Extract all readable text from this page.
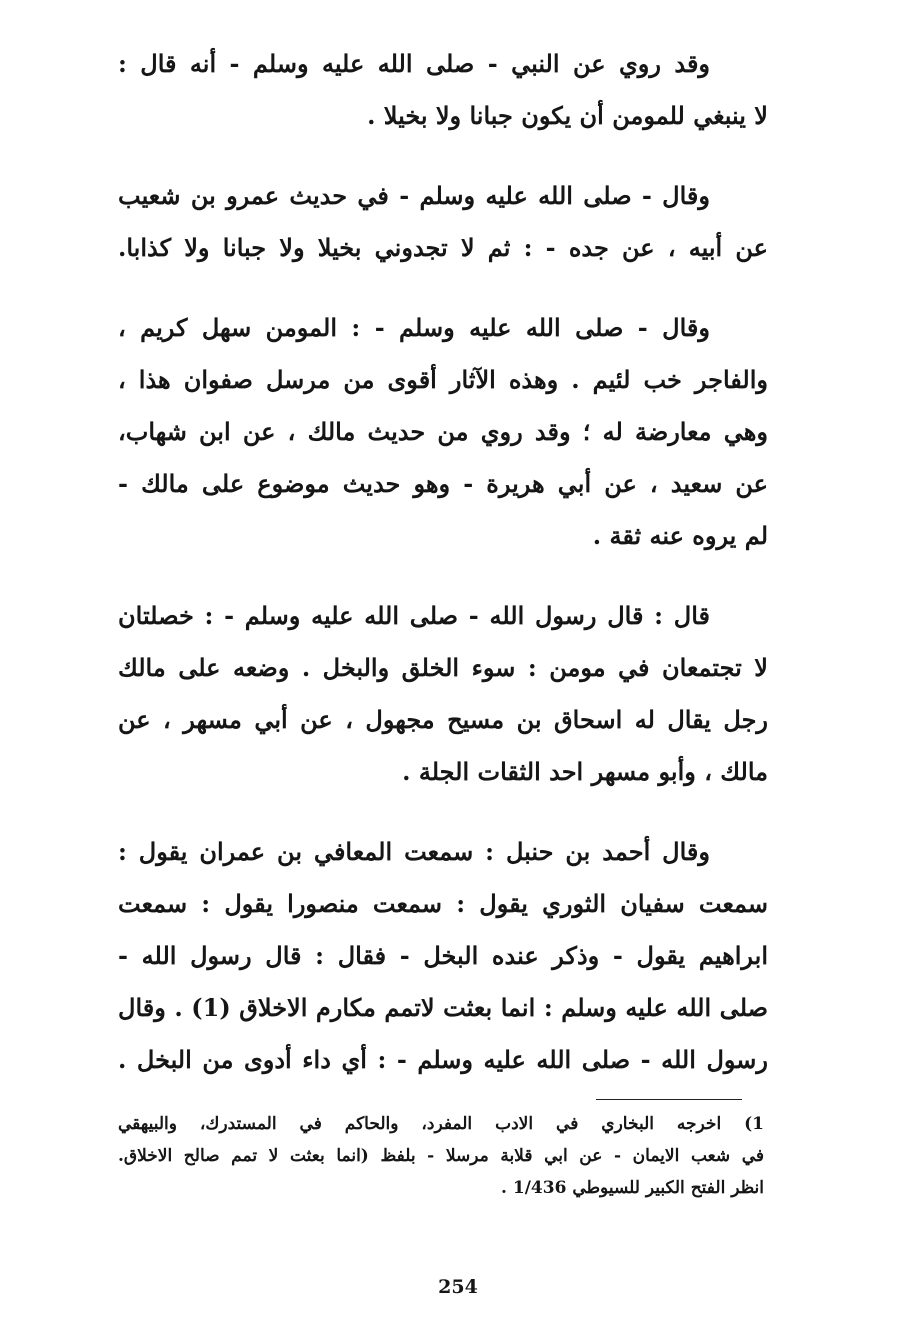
وقد روي عن النبي - صلى الله عليه وسلم - أنه قال :
لا ينبغي للمومن أن يكون جبانا ولا بخيلا .
وقال - صلى الله عليه وسلم - في حديث عمرو بن شعيب
عن أبيه ، عن جده - : ثم لا تجدوني بخيلا ولا جبانا ولا كذابا.
وقال - صلى الله عليه وسلم - : المومن سهل كريم ،
والفاجر خب لئيم . وهذه الآثار أقوى من مرسل صفوان هذا ،
وهي معارضة له ؛ وقد روي من حديث مالك ، عن ابن شهاب،
عن سعيد ، عن أبي هريرة - وهو حديث موضوع على مالك -
لم يروه عنه ثقة .
قال : قال رسول الله - صلى الله عليه وسلم - : خصلتان
لا تجتمعان في مومن : سوء الخلق والبخل . وضعه على مالك
رجل يقال له اسحاق بن مسيح مجهول ، عن أبي مسهر ، عن
مالك ، وأبو مسهر احد الثقات الجلة .
وقال أحمد بن حنبل : سمعت المعافي بن عمران يقول :
سمعت سفيان الثوري يقول : سمعت منصورا يقول : سمعت
ابراهيم يقول - وذكر عنده البخل - فقال : قال رسول الله -
صلى الله عليه وسلم : انما بعثت لاتمم مكارم الاخلاق (1) . وقال
رسول الله - صلى الله عليه وسلم - : أي داء أدوى من البخل .
1) اخرجه البخاري في الادب المفرد، والحاكم في المستدرك، والبيهقي
في شعب الايمان - عن ابي قلابة مرسلا - بلفظ (انما بعثت لا تمم صالح الاخلاق.
انظر الفتح الكبير للسيوطي 1/436 .
254
